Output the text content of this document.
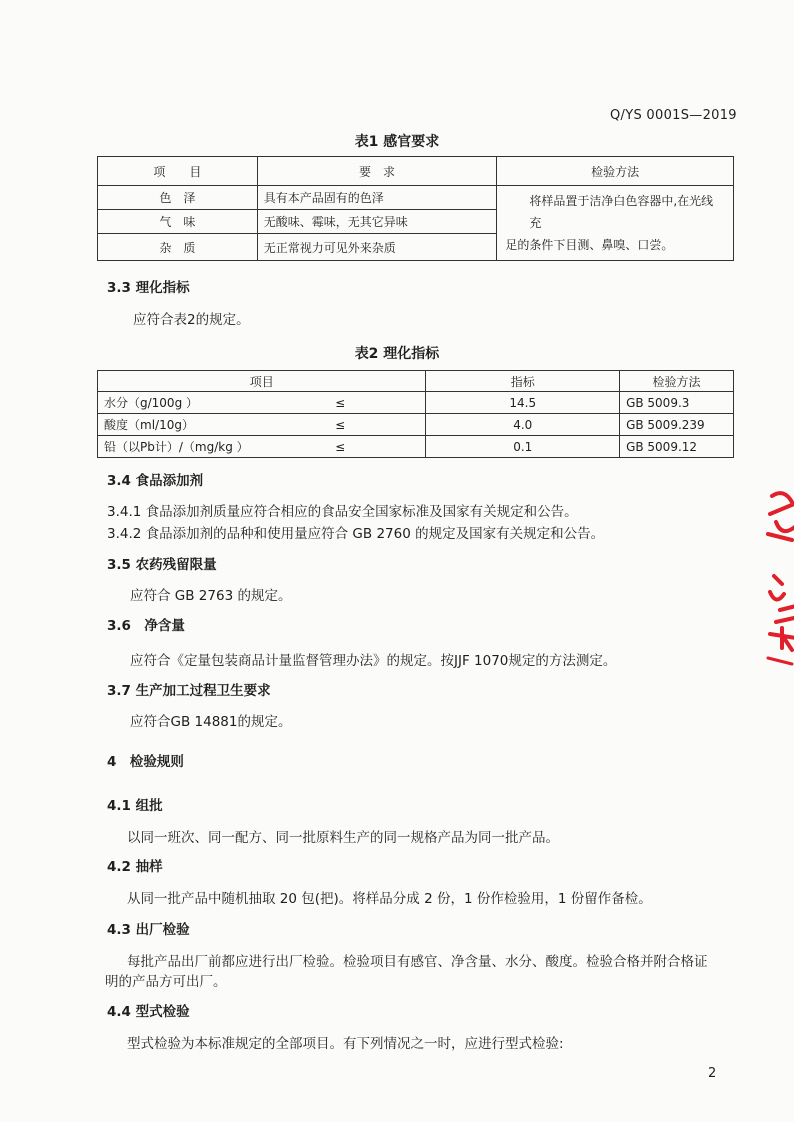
Q/YS 0001S—2019
表1 感官要求
项　　目	要　求	检验方法
色　泽	具有本产品固有的色泽	将样品置于洁净白色容器中,在光线充
足的条件下目测、鼻嗅、口尝。

气　味	无酸味、霉味，无其它异味	
杂　质	无正常视力可见外来杂质	
3.3 理化指标
应符合表2的规定。
表2 理化指标
项目		指标	检验方法
水分（g/100g ）	≤	14.5	GB 5009.3
酸度（ml/10g）	≤	4.0	GB 5009.239
铅（以Pb计）/（mg/kg ）	≤	0.1	GB 5009.12
3.4 食品添加剂
3.4.1 食品添加剂质量应符合相应的食品安全国家标准及国家有关规定和公告。
3.4.2 食品添加剂的品种和使用量应符合 GB 2760 的规定及国家有关规定和公告。
3.5 农药残留限量
应符合 GB 2763 的规定。
3.6　净含量
应符合《定量包装商品计量监督管理办法》的规定。按JJF 1070规定的方法测定。
3.7 生产加工过程卫生要求
应符合GB 14881的规定。
4　检验规则
4.1 组批
以同一班次、同一配方、同一批原料生产的同一规格产品为同一批产品。
4.2 抽样
从同一批产品中随机抽取 20 包(把)。将样品分成 2 份，1 份作检验用，1 份留作备检。
4.3 出厂检验
每批产品出厂前都应进行出厂检验。检验项目有感官、净含量、水分、酸度。检验合格并附合格证
明的产品方可出厂。
4.4 型式检验
型式检验为本标准规定的全部项目。有下列情况之一时，应进行型式检验:
2
